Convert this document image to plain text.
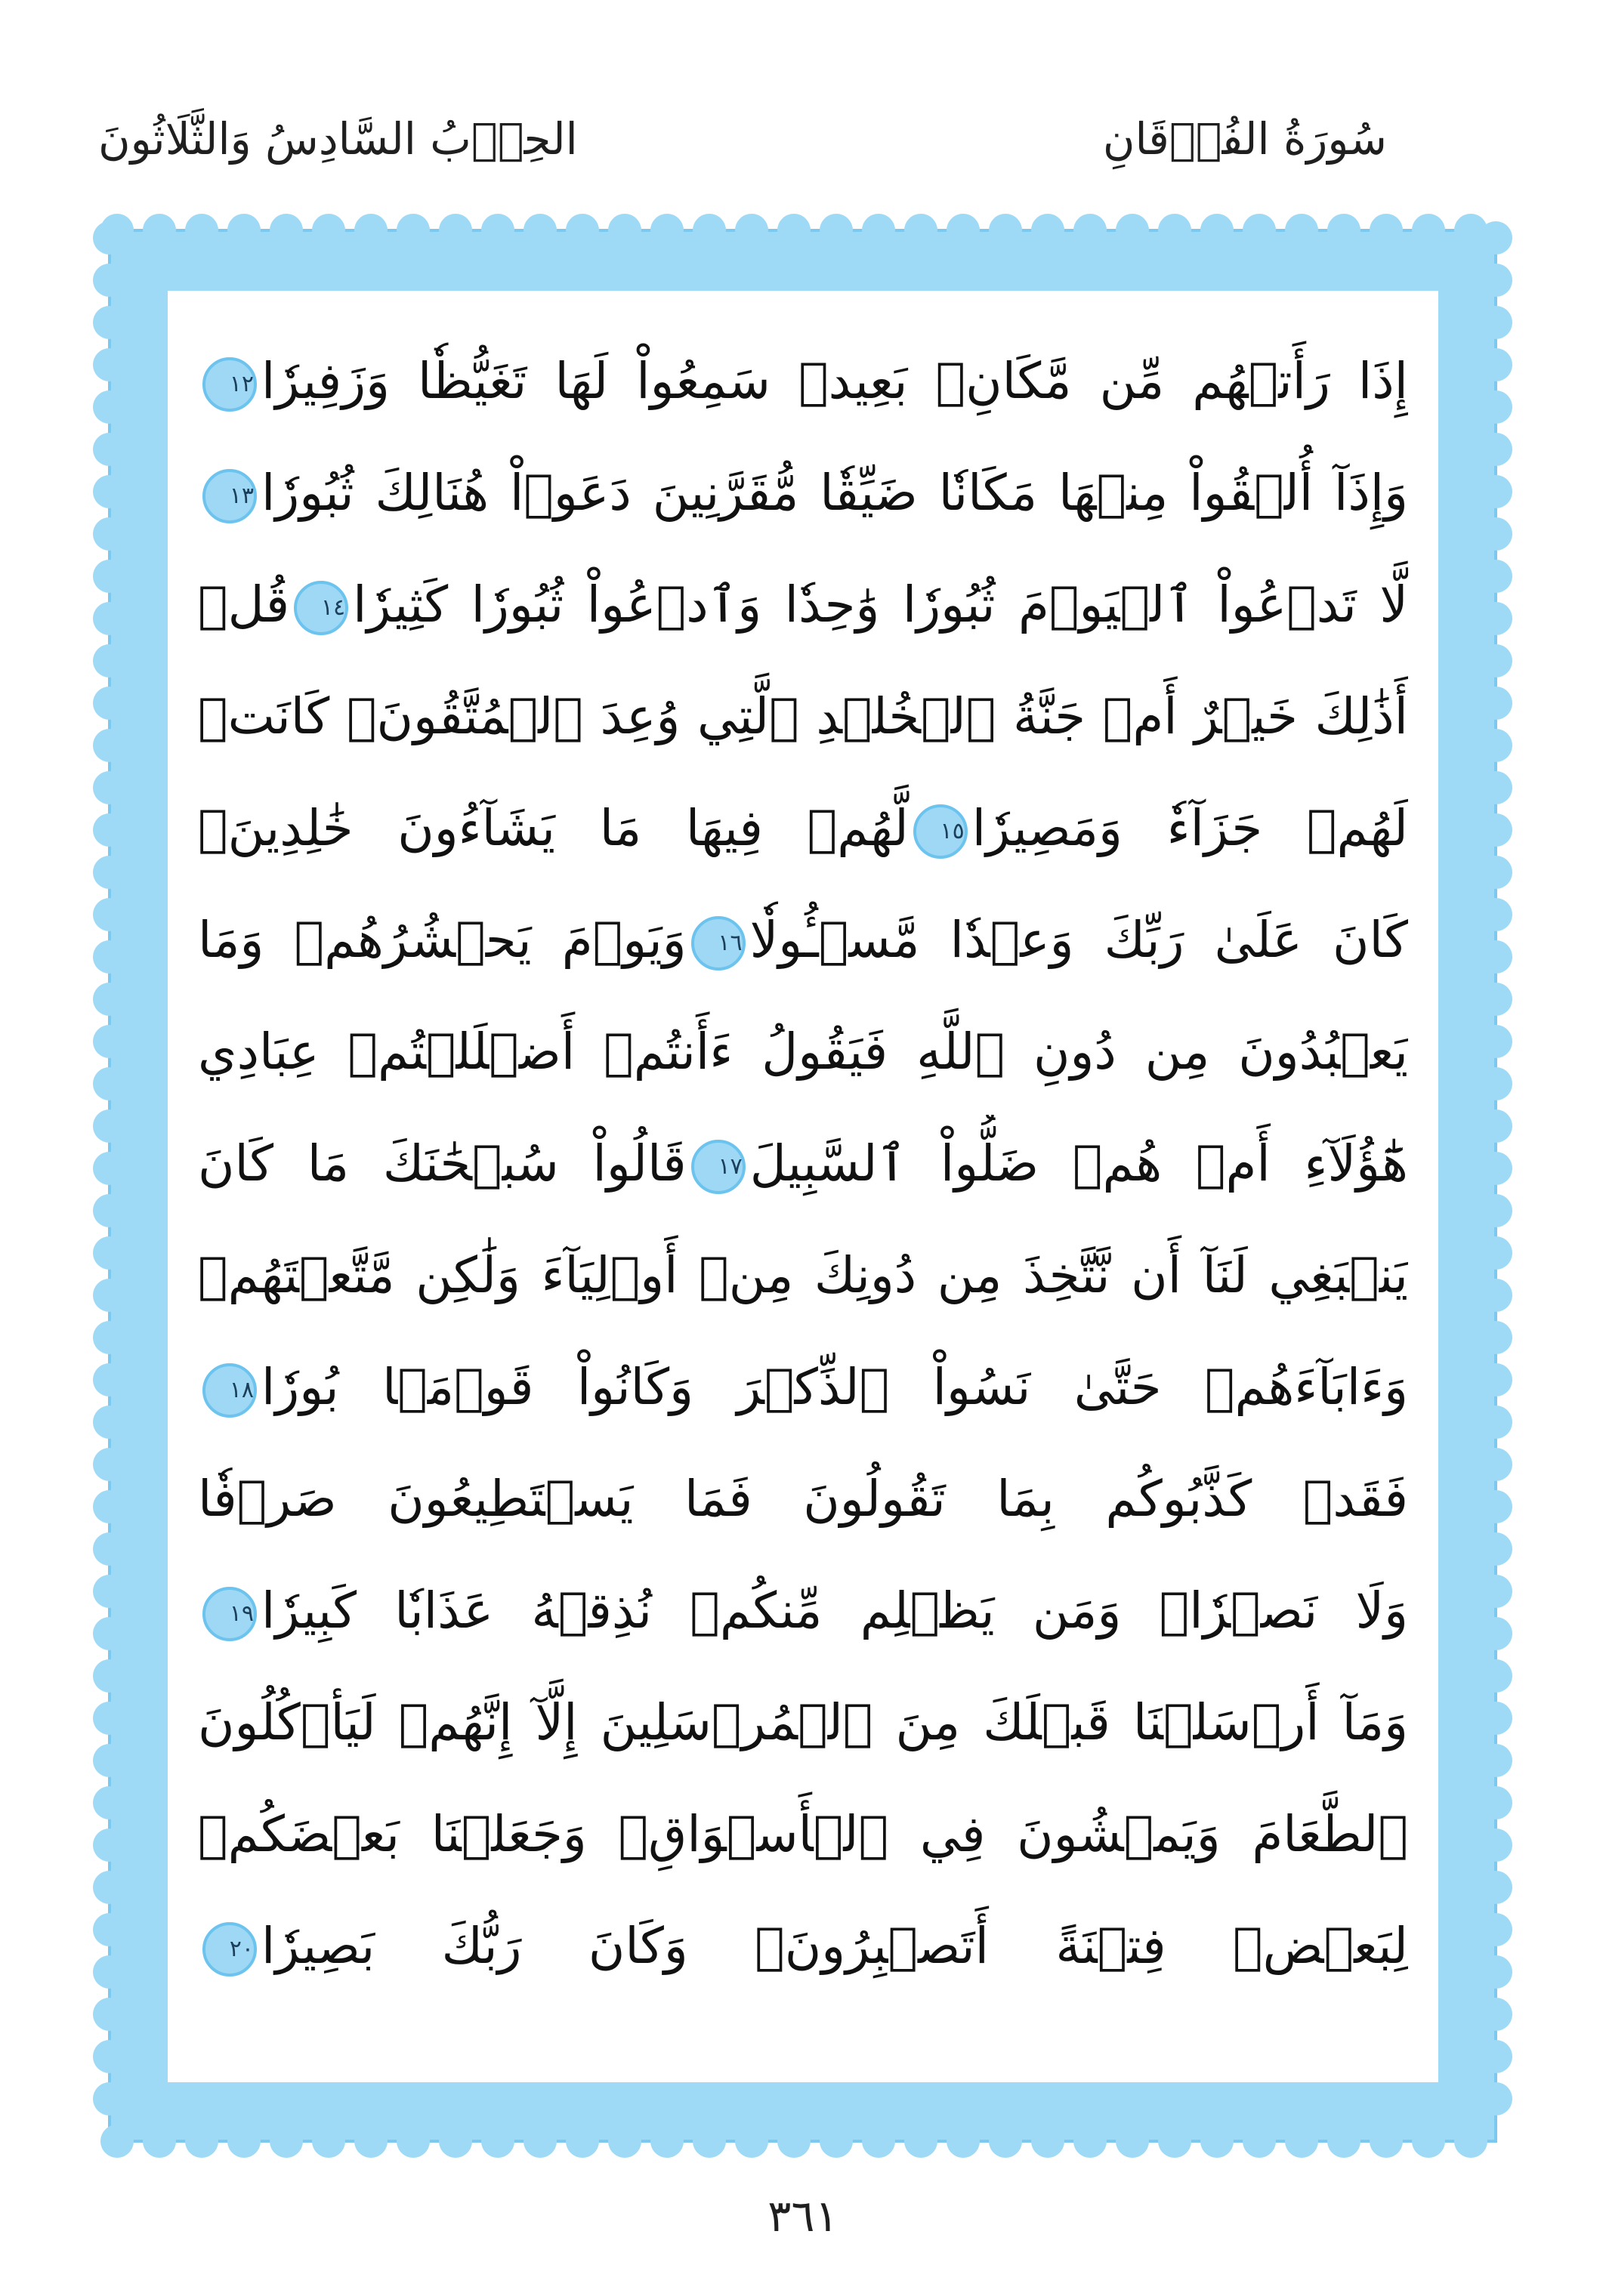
سُورَةُ الفُرۡقَانِ
الحِزۡبُ السَّادِسُ وَالثَّلَاثُونَ
إِذَا رَأَتۡهُم مِّن مَّكَانِۭ بَعِيدٖ سَمِعُواْ لَهَا تَغَيُّظٗا وَزَفِيرٗا١٢
وَإِذَآ أُلۡقُواْ مِنۡهَا مَكَانٗا ضَيِّقٗا مُّقَرَّنِينَ دَعَوۡاْ هُنَالِكَ ثُبُورٗا١٣
لَّا تَدۡعُواْ ٱلۡيَوۡمَ ثُبُورٗا وَٰحِدٗا وَٱدۡعُواْ ثُبُورٗا كَثِيرٗا١٤قُلۡ
أَذَٰلِكَ خَيۡرٌ أَمۡ جَنَّةُ ٱلۡخُلۡدِ ٱلَّتِي وُعِدَ ٱلۡمُتَّقُونَۚ كَانَتۡ
لَهُمۡ جَزَآءٗ وَمَصِيرٗا١٥لَّهُمۡ فِيهَا مَا يَشَآءُونَ خَٰلِدِينَۚ
كَانَ عَلَىٰ رَبِّكَ وَعۡدٗا مَّسۡـُٔولٗا١٦وَيَوۡمَ يَحۡشُرُهُمۡ وَمَا
يَعۡبُدُونَ مِن دُونِ ٱللَّهِ فَيَقُولُ ءَأَنتُمۡ أَضۡلَلۡتُمۡ عِبَادِي
هَٰٓؤُلَآءِ أَمۡ هُمۡ ضَلُّواْ ٱلسَّبِيلَ١٧قَالُواْ سُبۡحَٰنَكَ مَا كَانَ
يَنۢبَغِي لَنَآ أَن نَّتَّخِذَ مِن دُونِكَ مِنۡ أَوۡلِيَآءَ وَلَٰكِن مَّتَّعۡتَهُمۡ
وَءَابَآءَهُمۡ حَتَّىٰ نَسُواْ ٱلذِّكۡرَ وَكَانُواْ قَوۡمَۢا بُورٗا١٨
فَقَدۡ كَذَّبُوكُم بِمَا تَقُولُونَ فَمَا يَسۡتَطِيعُونَ صَرۡفٗا
وَلَا نَصۡرٗاۚ وَمَن يَظۡلِم مِّنكُمۡ نُذِقۡهُ عَذَابٗا كَبِيرٗا١٩
وَمَآ أَرۡسَلۡنَا قَبۡلَكَ مِنَ ٱلۡمُرۡسَلِينَ إِلَّآ إِنَّهُمۡ لَيَأۡكُلُونَ
ٱلطَّعَامَ وَيَمۡشُونَ فِي ٱلۡأَسۡوَاقِۗ وَجَعَلۡنَا بَعۡضَكُمۡ
لِبَعۡضٖ فِتۡنَةً أَتَصۡبِرُونَۗ وَكَانَ رَبُّكَ بَصِيرٗا٢٠
٣٦١
